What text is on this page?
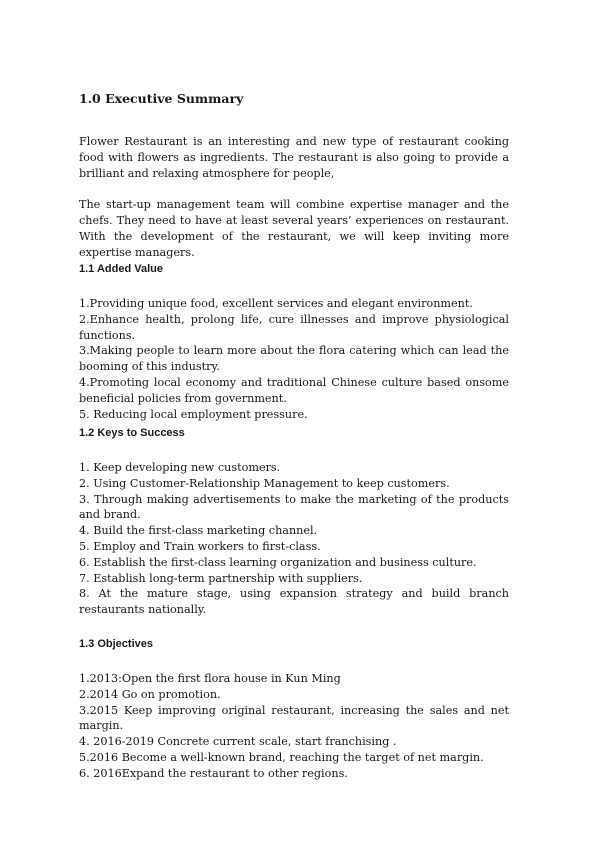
1.0 Executive Summary

Flower Restaurant is an interesting and new type of restaurant cooking food with flowers as ingredients. The restaurant is also going to provide a brilliant and relaxing atmosphere for people,

The start-up management team will combine expertise manager and the chefs. They need to have at least several years’ experiences on restaurant. With the development of the restaurant, we will keep inviting more expertise managers.

1.1 Added Value
1.Providing unique food, excellent services and elegant environment.
2.Enhance health, prolong life, cure illnesses and improve physiological functions.
3.Making people to learn more about the flora catering which can lead the booming of this industry.
4.Promoting local economy and traditional Chinese culture based onsome beneficial policies from government.
5. Reducing local employment pressure.
1.2 Keys to Success
1. Keep developing new customers.
2. Using Customer-Relationship Management to keep customers.
3. Through making advertisements to make the marketing of the products and brand.
4. Build the first-class marketing channel.
5. Employ and Train workers to first-class.
6. Establish the first-class learning organization and business culture.
7. Establish long-term partnership with suppliers.
8. At the mature stage, using expansion strategy and build branch restaurants nationally.
1.3 Objectives
1.2013:Open the first flora house in Kun Ming
2.2014 Go on promotion.
3.2015 Keep improving original restaurant, increasing the sales and net margin.
4. 2016-2019 Concrete current scale, start franchising .
5.2016 Become a well-known brand, reaching the target of net margin.
6. 2016Expand the restaurant to other regions.
